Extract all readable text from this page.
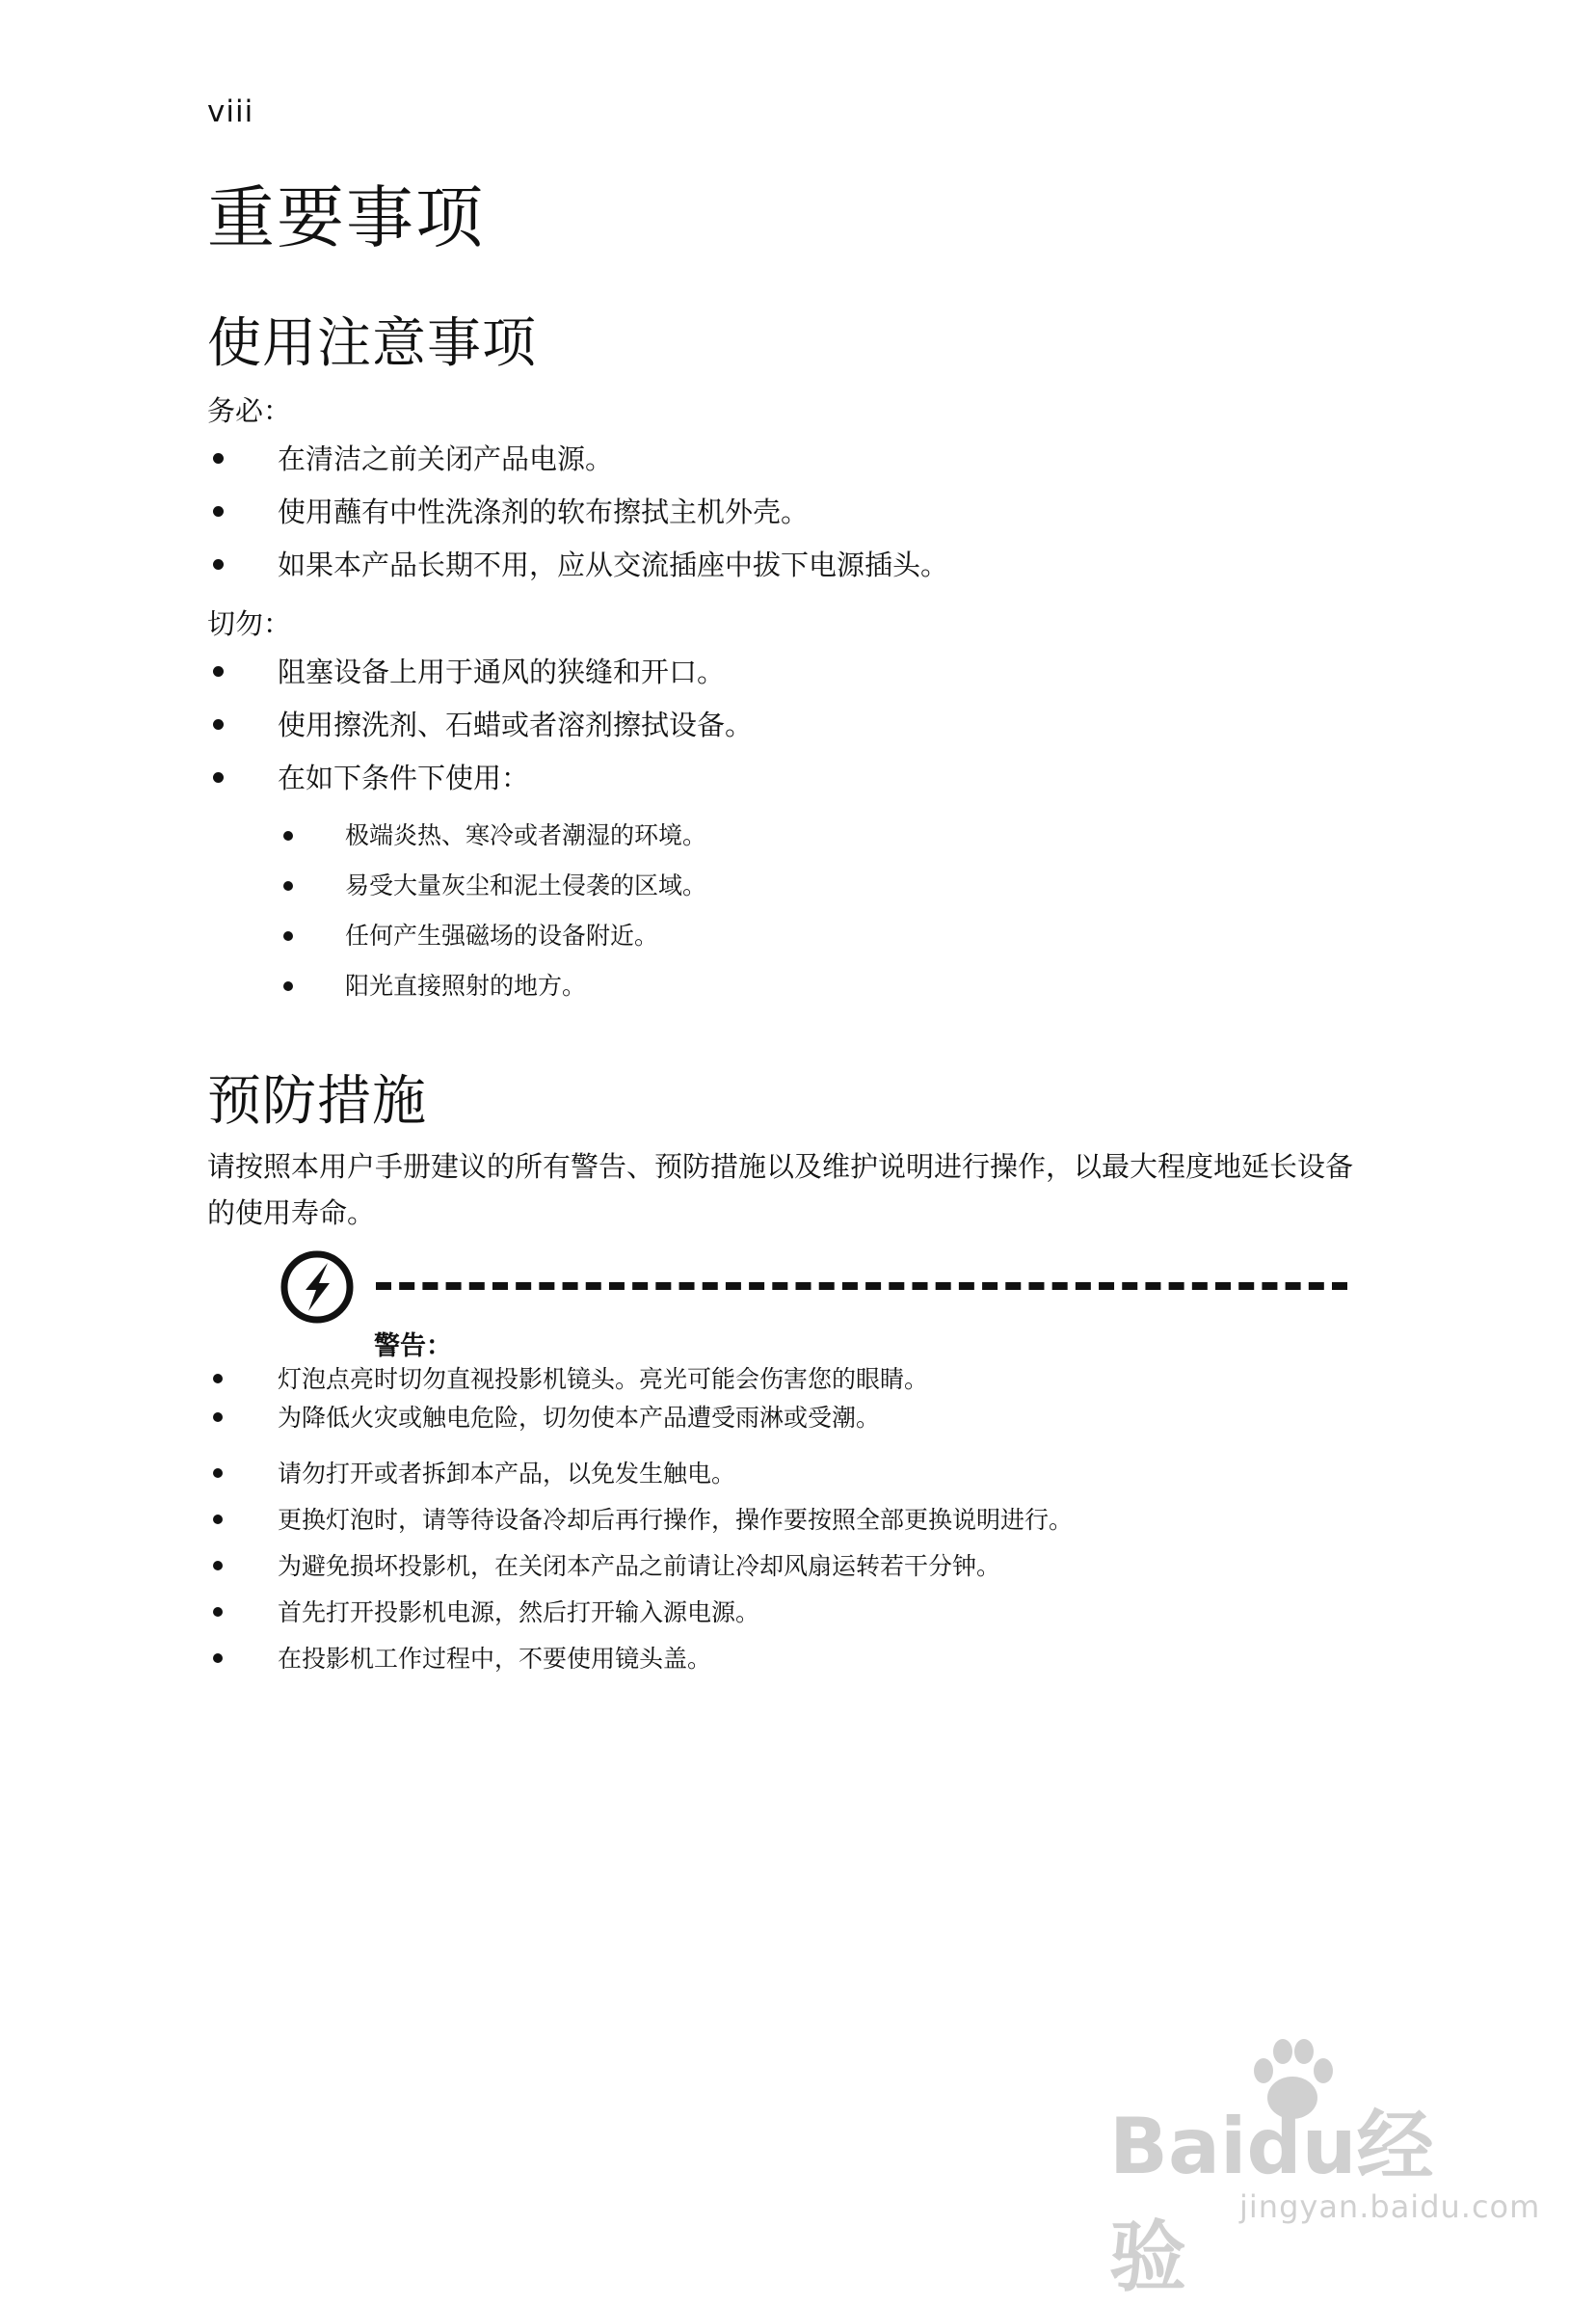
viii
重要事项
使用注意事项
务必：
在清洁之前关闭产品电源。
使用蘸有中性洗涤剂的软布擦拭主机外壳。
如果本产品长期不用，应从交流插座中拔下电源插头。
切勿：
阻塞设备上用于通风的狭缝和开口。
使用擦洗剂、石蜡或者溶剂擦拭设备。
在如下条件下使用：
极端炎热、寒冷或者潮湿的环境。
易受大量灰尘和泥土侵袭的区域。
任何产生强磁场的设备附近。
阳光直接照射的地方。
预防措施

请按照本用户手册建议的所有警告、预防措施以及维护说明进行操作，以最大程度地延长设备的使用寿命。

警告：
灯泡点亮时切勿直视投影机镜头。亮光可能会伤害您的眼睛。
为降低火灾或触电危险，切勿使本产品遭受雨淋或受潮。
请勿打开或者拆卸本产品，以免发生触电。
更换灯泡时，请等待设备冷却后再行操作，操作要按照全部更换说明进行。
为避免损坏投影机，在关闭本产品之前请让冷却风扇运转若干分钟。
首先打开投影机电源，然后打开输入源电源。
在投影机工作过程中，不要使用镜头盖。
Baidu经验
jingyan.baidu.com
